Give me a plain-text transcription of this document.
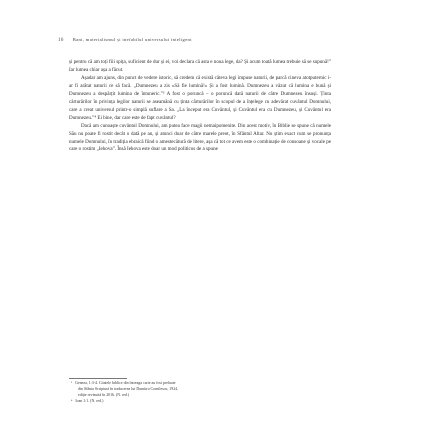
16 Bani, materialismul și inefabilul universului inteligent

și pentru că am toți fiii spița, suficient de dur și ei, voi declara că asta e noua lege, da? Și acum toată lumea trebuie să se supună!” Iar lumea chiar așa a făcut.

Așadar am ajuns, din punct de vedere istoric, să credem că există câteva legi impuse naturii, de parcă cineva atotputernic i-ar fi arătat naturii ce să facă. „Dumnezeu a zis «Să fie lumină!» Și a fost lumină. Dumnezeu a văzut că lumina e bună și Dumnezeu a despărțit lumina de întuneric.”³ A fost o poruncă – o poruncă dată naturii de către Dumnezeu însuși. Ținta cărturărilor în privința legilor naturii se aseamănă cu ținta cărturărilor în scopul de a înțelege cu adevărat cuvântul Domnului, care a creat universul printr-o simplă suflare a Sa. „La început era Cuvântul, și Cuvântul era cu Dumnezeu, și Cuvântul era Dumnezeu.”⁴ Ei bine, dar care este de fapt cuvântul?

Dacă am cunoaște cuvântul Domnului, am putea face magii nemaipomenite. Din acest motiv, în Biblie se spune că numele Său nu poate fi rostit decât o dată pe an, și atunci doar de către marele preot, în Sfântul Altar. Nu știm exact cum se pronunța numele Domnului, în tradiția ebraică fiind o amestecătură de litere, așa că tot ce avem este o combinație de consoane și vocale pe care o rostim „Iehova”. Însă Iehova este doar un mod politicos de a spune

³ Geneza, 1:3-4. Citatele biblice din întreaga carte au fost preluate
din Sfânta Scriptură în traducerea lui Dumitru Cornilescu, 1924,
ediție revizuită în 2016. (N. red.)

⁴ Ioan 1:1. (N. red.)
